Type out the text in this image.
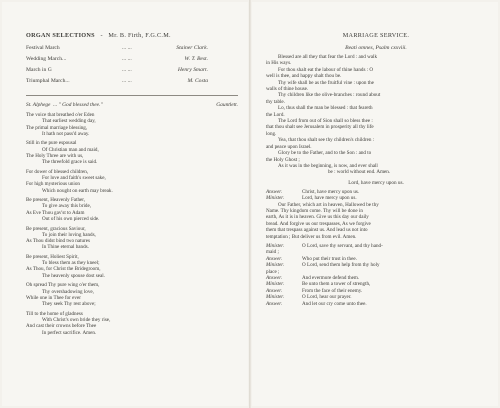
ORGAN SELECTIONS   -   Mr. B. Firth, F.G.C.M.
Festival March	... ...	Stainer Clark.
Wedding March...	... ...	W. T. Best.
March in G	... ...	Henry Smart.
Triumphal March...	... ...	M. Costa
St. Alphege ... " God blessed thee."	Gauntlett.
The voice that breathed o'er Eden
That earliest wedding day,
The primal marriage blessing,
It hath not pass'd away.
Still in the pure espousal
Of Christian man and maid,
The Holy Three are with us,
The threefold grace is said.
For dower of blessed children,
For love and faith's sweet sake,
For high mysterious union
Which nought on earth may break.
Be present, Heavenly Father,
To give away this bride,
As Eve Thou gav'st to Adam
Out of his own pierced side.
Be present, gracious Saviour,
To join their loving hands,
As Thou didst bind two natures
In Thine eternal bands.
Be present, Holiest Spirit,
To bless them as they kneel;
As Thou, for Christ the Bridegroom,
The heavenly spouse dost seal.
Oh spread Thy pure wing o'er them,
Thy overshadowing love,
While one in Thee for ever
They seek Thy rest above;
Till to the home of gladness
With Christ's own bride they rise,
And cast their crowns before Thee
In perfect sacrifice. Amen.
MARRIAGE SERVICE.
Beati omnes, Psalm cxxviii.
Blessed are all they that fear the Lord : and walk
in His ways.
For thou shalt eat the labour of thine hands : O
well is thee, and happy shalt thou be.
Thy wife shall be as the fruitful vine : upon the
walls of thine house.
Thy children like the olive-branches : round about
thy table.
Lo, thus shall the man be blessed : that feareth
the Lord.
The Lord from out of Sion shall so bless thee :
that thou shalt see Jerusalem in prosperity all thy life
long.
Yea, that thou shalt see thy children's children :
and peace upon Israel.
Glory be to the Father, and to the Son : and to
the Holy Ghost ;
As it was in the beginning, is now, and ever shall
be : world without end. Amen.
Lord, have mercy upon us.
Answer.	Christ, have mercy upon us.
Minister.	Lord, have mercy upon us.
Our Father, which art in heaven, Hallowed be thy
Name. Thy kingdom come. Thy will be done in
earth, As it is in heaven. Give us this day our daily
bread. And forgive us our trespasses, As we forgive
them that trespass against us. And lead us not into
temptation ; But deliver us from evil. Amen.
Minister.	O Lord, save thy servant, and thy hand-
maid ;
Answer.	Who put their trust in thee.
Minister.	O Lord, send them help from thy holy
place ;
Answer.	And evermore defend them.
Minister.	Be unto them a tower of strength,
Answer.	From the face of their enemy.
Minister.	O Lord, hear our prayer.
Answer.	And let our cry come unto thee.
